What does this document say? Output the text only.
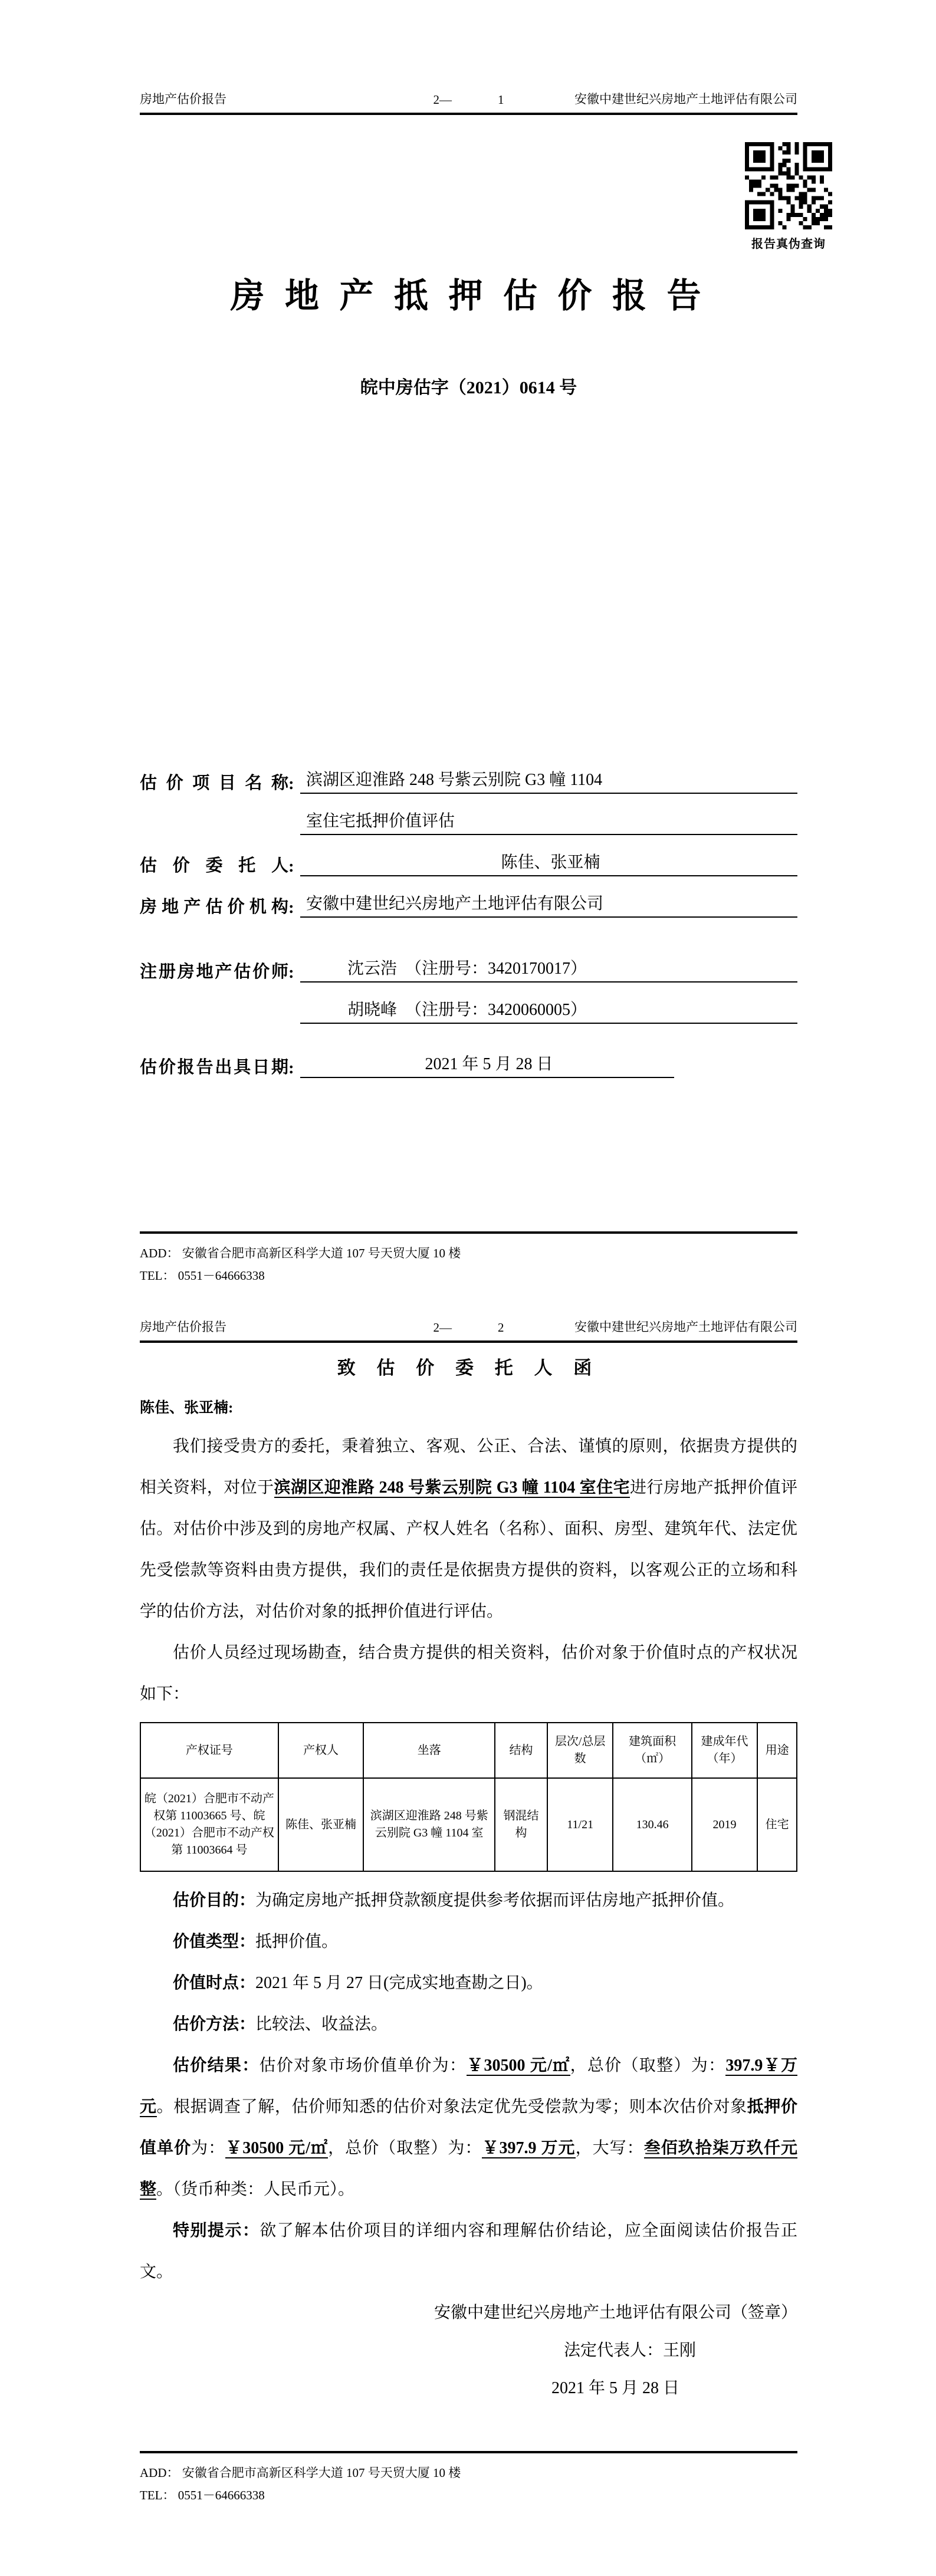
房地产估价报告	2—	1	安徽中建世纪兴房地产土地评估有限公司
报告真伪查询
房 地 产 抵 押 估 价 报 告
皖中房估字（2021）0614 号
估价项目名称 : 滨湖区迎淮路 248 号紫云别院 G3 幢 1104
室住宅抵押价值评估
估价委托人 :	陈佳、张亚楠
房地产估价机构 : 安徽中建世纪兴房地产土地评估有限公司
注册房地产估价师 :	沈云浩　（注册号：3420170017）
胡晓峰　（注册号：3420060005）
估价报告出具日期 :	2021 年 5 月 28 日
ADD： 安徽省合肥市高新区科学大道 107 号天贸大厦 10 楼
TEL： 0551－64666338
房地产估价报告	2—	2	安徽中建世纪兴房地产土地评估有限公司
致 估 价 委 托 人 函
陈佳、张亚楠:
我们接受贵方的委托，秉着独立、客观、公正、合法、谨慎的原则，依据贵方提供的相关资料，对位于滨湖区迎淮路 248 号紫云别院 G3 幢 1104 室住宅进行房地产抵押价值评估。对估价中涉及到的房地产权属、产权人姓名（名称）、面积、房型、建筑年代、法定优先受偿款等资料由贵方提供，我们的责任是依据贵方提供的资料，以客观公正的立场和科学的估价方法，对估价对象的抵押价值进行评估。
估价人员经过现场勘查，结合贵方提供的相关资料，估价对象于价值时点的产权状况如下：
产权证号	产权人	坐落	结构	层次/总层数	建筑面积（㎡）	建成年代（年）	用途
皖（2021）合肥市不动产权第 11003665 号、皖（2021）合肥市不动产权第 11003664 号	陈佳、张亚楠	滨湖区迎淮路 248 号紫云别院 G3 幢 1104 室	钢混结构	11/21	130.46	2019	住宅
估价目的：为确定房地产抵押贷款额度提供参考依据而评估房地产抵押价值。
价值类型：抵押价值。
价值时点：2021 年 5 月 27 日(完成实地查勘之日)。
估价方法：比较法、收益法。
估价结果：估价对象市场价值单价为：￥30500 元/㎡，总价（取整）为：397.9￥万元。根据调查了解，估价师知悉的估价对象法定优先受偿款为零；则本次估价对象抵押价值单价为：￥30500 元/㎡，总价（取整）为：￥397.9 万元，大写：叁佰玖拾柒万玖仟元整。（货币种类：人民币元）。
特别提示：欲了解本估价项目的详细内容和理解估价结论，应全面阅读估价报告正文。
安徽中建世纪兴房地产土地评估有限公司（签章）
法定代表人：王刚
2021 年 5 月 28 日
ADD： 安徽省合肥市高新区科学大道 107 号天贸大厦 10 楼
TEL： 0551－64666338
